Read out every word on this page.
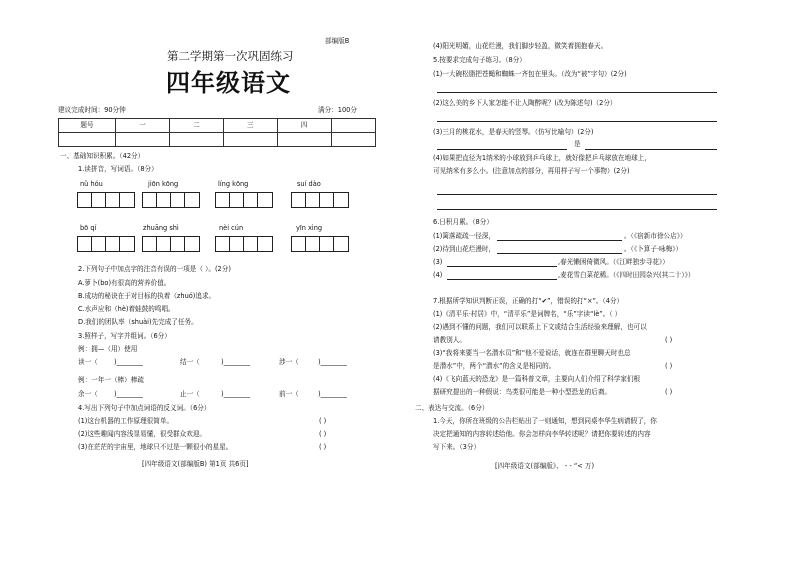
部编版B
第二学期第一次巩固练习
四年级语文
建议完成时间：90分钟	满分：100分
题号	一	二	三	四	

一、基础知识积累。（42分）
1.读拼音，写词语。（8分）
nǔ hóu	jiōn kōng	líng kōng	suí dào
bō qí	zhuāng shì	nèi cún	yīn xìng
2.下列句子中加点字的注音有误的一项是（ ）。(2分)
A.萝卜(bo)有很高的营养价值。
B.成功的秘诀在于对目标的执着（zhuó)追求。
C.水声应和（hè)着蛙鼓的鸣唱。
D.我们的团队率（shuài)先完成了任务。
3.照样子，写字并组词。（6分）
例：拥—（用）使用
读一（ )________	结一（	)________	涉一（	)________
例：一年一（棒）棒疏
余一（ )________	止一（	)________	前一（	)________
4.写出下列句子中加点词语的反义词。（6分）
(1)这台机器的工作原理很简单。	( )
(2)这些趣闻内容浅显易懂，很受群众欢迎。	( )
(3)在茫茫的宇宙里，地球只不过是一颗很小的星星。	( )
[四年级语文(部编版B) 第1页 共6页]
(4)阳光明媚，山花烂漫，我们脚步轻盈，微笑着拥抱春天。
5.按要求完成句子练习。（8分）
(1)一大碗松脂把苍蝇和蜘蛛一齐包在里头。（改为“被”字句）(2分)
(2)这么美的乡下人家怎能不让人陶醉呢？(改为陈述句)（2分）
(3)三月的桃花水，是春天的竖琴。（仿写比喻句）(2分)
是
(4)如果把直径为1纳米的小球放到乒乓球上，就好像把乒乓球放在地球上，
可见纳米有多么小。(注意加点的部分，再用样子写一个事物）(2分)
6.日积月累。（8分）
(1)篱落疏疏一径深，	。（《宿新市徐公店》）
(2)待到山花烂漫时，	。（《卜算子·咏梅》）
(3)	,春光懒困倚微风。（《江畔独步寻花》）
(4)	,麦花雪白菜花稀。（《四时田园杂兴(其二十）》）
7.根据所学知识判断正误，正确的打“✔”，错误的打“×”。（4分）
(1)《清平乐·村居》中，“清平乐”是词牌名，“乐”字读“lè”。（ ）
(2)遇到不懂的问题，我们可以联系上下文或结合生活经验来理解，也可以
请教别人。	( )
(3)“我将来要当一名潜水员”和“他不爱说话，就连在群里聊天时也总
是潜水”中，两个“潜水”的含义是相同的。	( )
(4)《飞向蓝天的恐龙》是一篇科普文章，主要向人们介绍了科学家们根
据研究提出的一种假说：鸟类很可能是一种小型恐龙的后裔。	( )
二、表达与交流。（6分）
1.今天，你所在班级的公告栏贴出了一则通知，想到同桌李华生病请假了，你
决定把通知的内容转述给他。你会怎样向李华转述呢？请把你要转述的内容
写下来。（3分）
[四年级语文(部编版》、 - - “< 万)
